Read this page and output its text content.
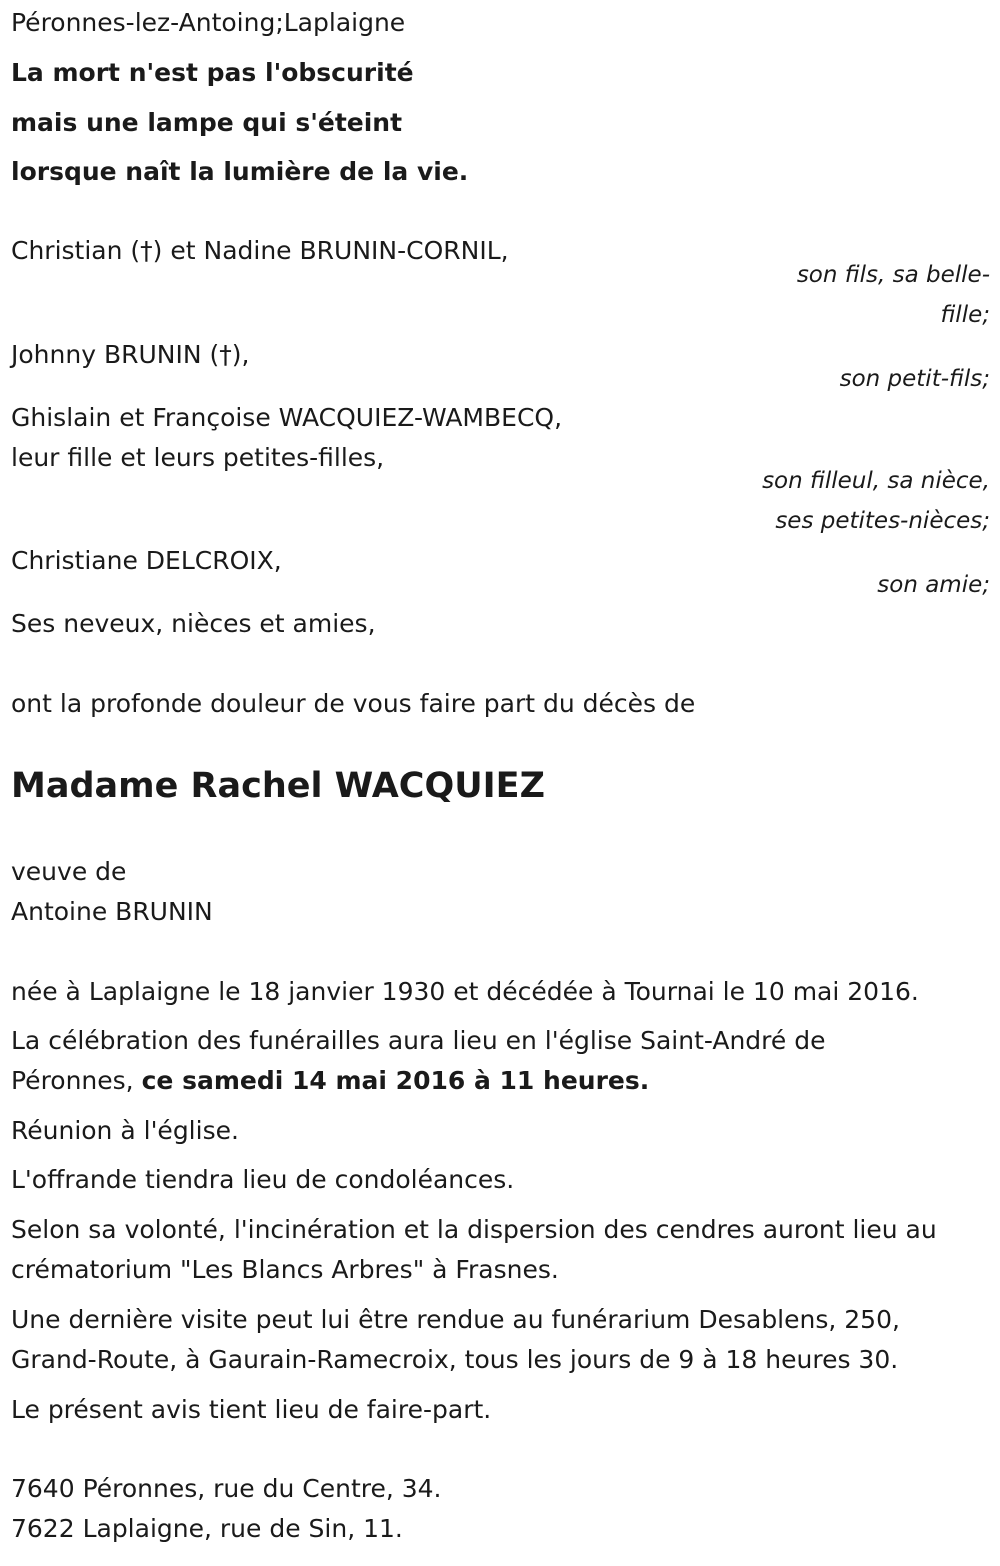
Péronnes-lez-Antoing;Laplaigne
La mort n'est pas l'obscurité
mais une lampe qui s'éteint
lorsque naît la lumière de la vie.
Christian (†) et Nadine BRUNIN-CORNIL,
son fils, sa belle-
fille;
Johnny BRUNIN (†),
son petit-fils;
Ghislain et Françoise WACQUIEZ-WAMBECQ,
leur fille et leurs petites-filles,
son filleul, sa nièce,
ses petites-nièces;
Christiane DELCROIX,
son amie;
Ses neveux, nièces et amies,
ont la profonde douleur de vous faire part du décès de
Madame Rachel WACQUIEZ
veuve de
Antoine BRUNIN
née à Laplaigne le 18 janvier 1930 et décédée à Tournai le 10 mai 2016.
La célébration des funérailles aura lieu en l'église Saint-André de
Péronnes, ce samedi 14 mai 2016 à 11 heures.
Réunion à l'église.
L'offrande tiendra lieu de condoléances.
Selon sa volonté, l'incinération et la dispersion des cendres auront lieu au
crématorium "Les Blancs Arbres" à Frasnes.
Une dernière visite peut lui être rendue au funérarium Desablens, 250,
Grand-Route, à Gaurain-Ramecroix, tous les jours de 9 à 18 heures 30.
Le présent avis tient lieu de faire-part.
7640 Péronnes, rue du Centre, 34.
7622 Laplaigne, rue de Sin, 11.
